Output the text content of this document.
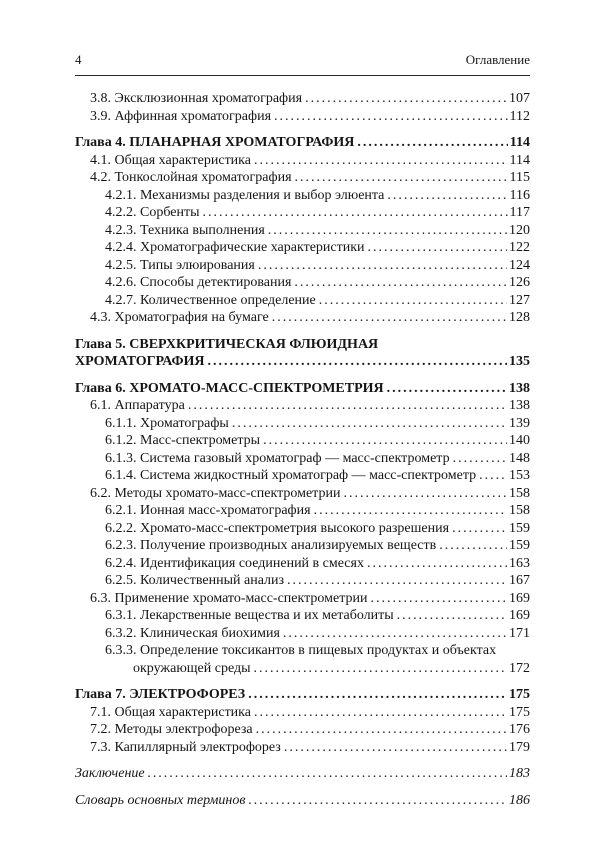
4	Оглавление
3.8. Эксклюзионная хроматография .....	107
3.9. Аффинная хроматография .....	112
Глава 4. ПЛАНАРНАЯ ХРОМАТОГРАФИЯ .....	114
4.1. Общая характеристика .....	114
4.2. Тонкослойная хроматография .....	115
4.2.1. Механизмы разделения и выбор элюента .....	116
4.2.2. Сорбенты .....	117
4.2.3. Техника выполнения .....	120
4.2.4. Хроматографические характеристики .....	122
4.2.5. Типы элюирования .....	124
4.2.6. Способы детектирования .....	126
4.2.7. Количественное определение .....	127
4.3. Хроматография на бумаге .....	128
Глава 5. СВЕРХКРИТИЧЕСКАЯ ФЛЮИДНАЯ
ХРОМАТОГРАФИЯ .....	135
Глава 6. ХРОМАТО-МАСС-СПЕКТРОМЕТРИЯ .....	138
6.1. Аппаратура .....	138
6.1.1. Хроматографы .....	139
6.1.2. Масс-спектрометры .....	140
6.1.3. Система газовый хроматограф — масс-спектрометр .....	148
6.1.4. Система жидкостный хроматограф — масс-спектрометр ..... 153
6.2. Методы хромато-масс-спектрометрии .....	158
6.2.1. Ионная масс-хроматография .....	158
6.2.2. Хромато-масс-спектрометрия высокого разрешения .....	159
6.2.3. Получение производных анализируемых веществ .....	159
6.2.4. Идентификация соединений в смесях .....	163
6.2.5. Количественный анализ .....	167
6.3. Применение хромато-масс-спектрометрии .....	169
6.3.1. Лекарственные вещества и их метаболиты .....	169
6.3.2. Клиническая биохимия .....	171
6.3.3. Определение токсикантов в пищевых продуктах и объектах
окружающей среды .....	172
Глава 7. ЭЛЕКТРОФОРЕЗ .....	175
7.1. Общая характеристика .....	175
7.2. Методы электрофореза .....	176
7.3. Капиллярный электрофорез .....	179
Заключение .....	183
Словарь основных терминов .....	186
